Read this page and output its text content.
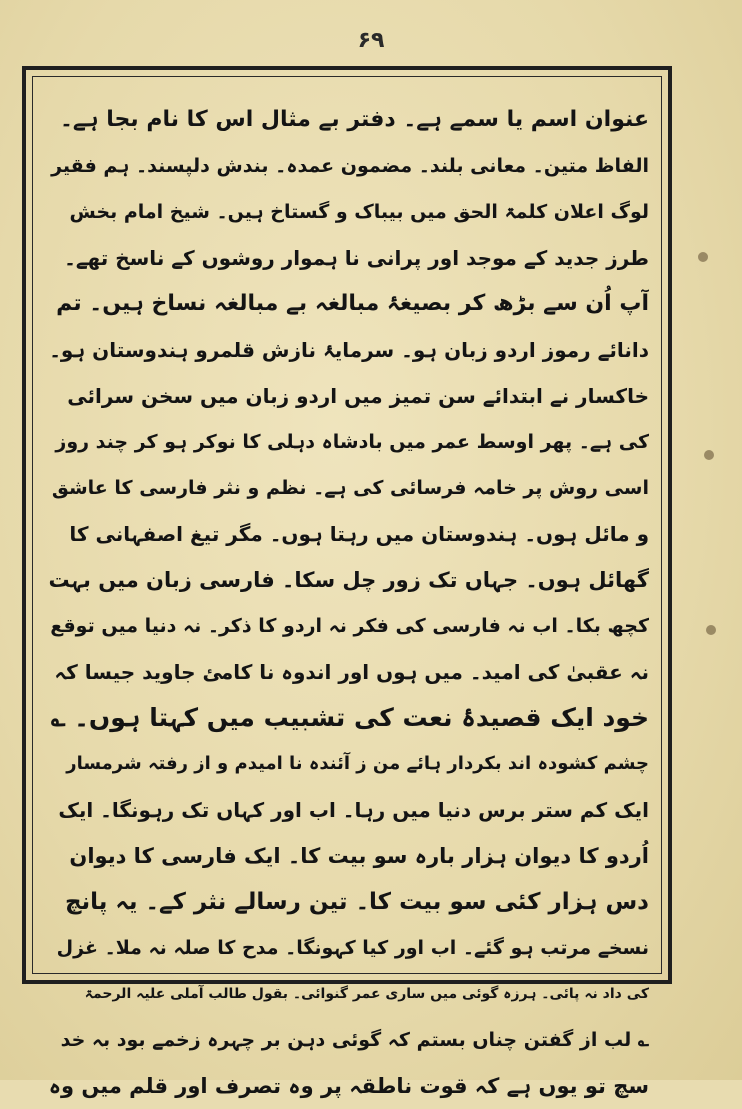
۶۹
عنوان اسم یا سمے ہے۔ دفتر بے مثال اس کا نام بجا ہے۔
الفاظ متین۔ معانی بلند۔ مضمون عمدہ۔ بندش دلپسند۔ ہم فقیر
لوگ اعلان کلمۃ الحق میں بیباک و گستاخ ہیں۔ شیخ امام بخش
طرز جدید کے موجد اور پرانی نا ہموار روشوں کے ناسخ تھے۔
آپ اُن سے بڑھ کر بصیغۂ مبالغہ بے مبالغہ نساخ ہیں۔ تم
دانائے رموز اردو زبان ہو۔ سرمایۂ نازش قلمرو ہندوستان ہو۔
خاکسار نے ابتدائے سن تمیز میں اردو زبان میں سخن سرائی
کی ہے۔ پھر اوسط عمر میں بادشاہ دہلی کا نوکر ہو کر چند روز
اسی روش پر خامہ فرسائی کی ہے۔ نظم و نثر فارسی کا عاشق
و مائل ہوں۔ ہندوستان میں رہتا ہوں۔ مگر تیغ اصفہانی کا
گھائل ہوں۔ جہاں تک زور چل سکا۔ فارسی زبان میں بہت
کچھ بکا۔ اب نہ فارسی کی فکر نہ اردو کا ذکر۔ نہ دنیا میں توقع
نہ عقبیٰ کی امید۔ میں ہوں اور اندوہ نا کامئ جاوید جیسا کہ
خود ایک قصیدۂ نعت کی تشبیب میں کہتا ہوں۔ ؎
چشم کشودہ اند بکردار ہائے من ز آئندہ نا امیدم و از رفتہ شرمسار
ایک کم ستر برس دنیا میں رہا۔ اب اور کہاں تک رہونگا۔ ایک
اُردو کا دیوان ہزار بارہ سو بیت کا۔ ایک فارسی کا دیوان
دس ہزار کئی سو بیت کا۔ تین رسالے نثر کے۔ یہ پانچ
نسخے مرتب ہو گئے۔ اب اور کیا کہونگا۔ مدح کا صلہ نہ ملا۔ غزل
کی داد نہ پائی۔ ہرزہ گوئی میں ساری عمر گنوائی۔ بقول طالب آملی علیہ الرحمۃ
؎ لب از گفتن چناں بستم کہ گوئی دہن بر چہرہ زخمے بود بہ خد
سچ تو یوں ہے کہ قوت ناطقہ پر وہ تصرف اور قلم میں وہ
